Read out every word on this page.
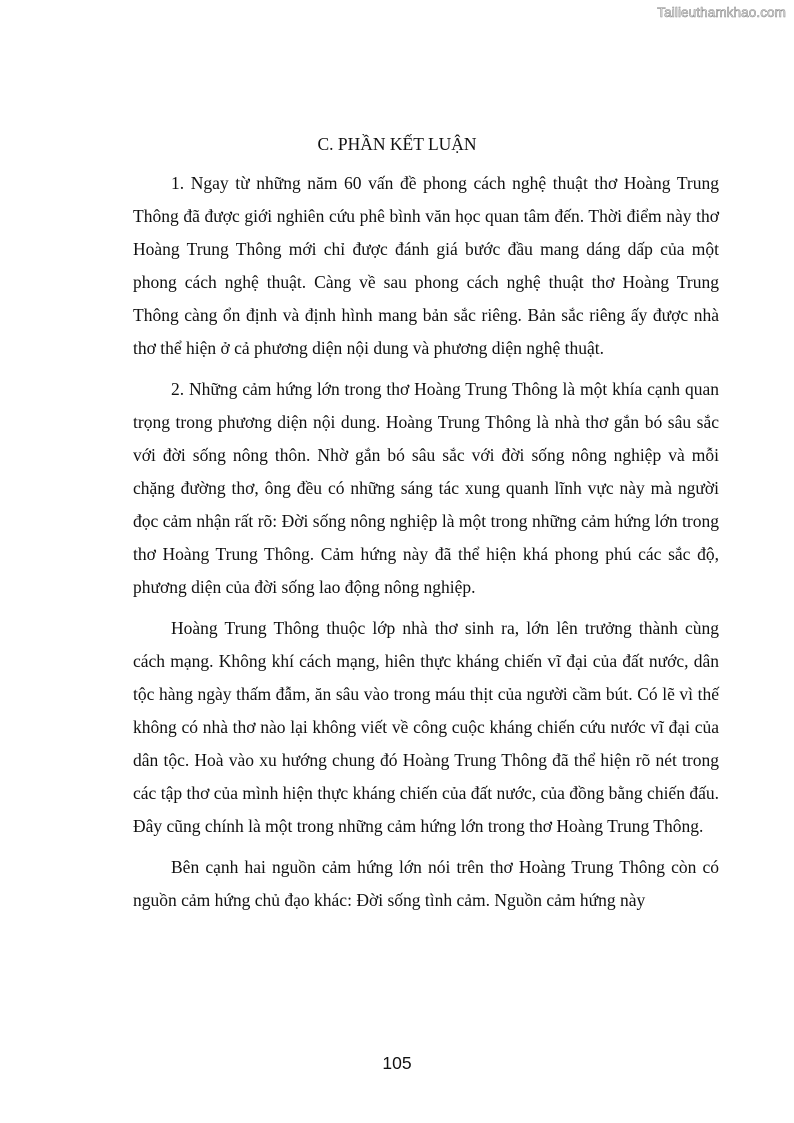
Tailieuthamkhao.com
C. PHẦN KẾT LUẬN

1. Ngay từ những năm 60 vấn đề phong cách nghệ thuật thơ Hoàng Trung Thông đã được giới nghiên cứu phê bình văn học quan tâm đến. Thời điểm này thơ Hoàng Trung Thông mới chỉ được đánh giá bước đầu mang dáng dấp của một phong cách nghệ thuật. Càng về sau phong cách nghệ thuật thơ Hoàng Trung Thông càng ổn định và định hình mang bản sắc riêng. Bản sắc riêng ấy được nhà thơ thể hiện ở cả phương diện nội dung và phương diện nghệ thuật.

2. Những cảm hứng lớn trong thơ Hoàng Trung Thông là một khía cạnh quan trọng trong phương diện nội dung. Hoàng Trung Thông là nhà thơ gắn bó sâu sắc với đời sống nông thôn. Nhờ gắn bó sâu sắc với đời sống nông nghiệp và mỗi chặng đường thơ, ông đều có những sáng tác xung quanh lĩnh vực này mà người đọc cảm nhận rất rõ: Đời sống nông nghiệp là một trong những cảm hứng lớn trong thơ Hoàng Trung Thông. Cảm hứng này đã thể hiện khá phong phú các sắc độ, phương diện của đời sống lao động nông nghiệp.

Hoàng Trung Thông thuộc lớp nhà thơ sinh ra, lớn lên trưởng thành cùng cách mạng. Không khí cách mạng, hiên thực kháng chiến vĩ đại của đất nước, dân tộc hàng ngày thấm đẫm, ăn sâu vào trong máu thịt của người cầm bút. Có lẽ vì thế không có nhà thơ nào lại không viết về công cuộc kháng chiến cứu nước vĩ đại của dân tộc. Hoà vào xu hướng chung đó Hoàng Trung Thông đã thể hiện rõ nét trong các tập thơ của mình hiện thực kháng chiến của đất nước, của đồng bằng chiến đấu. Đây cũng chính là một trong những cảm hứng lớn trong thơ Hoàng Trung Thông.

Bên cạnh hai nguồn cảm hứng lớn nói trên thơ Hoàng Trung Thông còn có nguồn cảm hứng chủ đạo khác: Đời sống tình cảm. Nguồn cảm hứng này

105
